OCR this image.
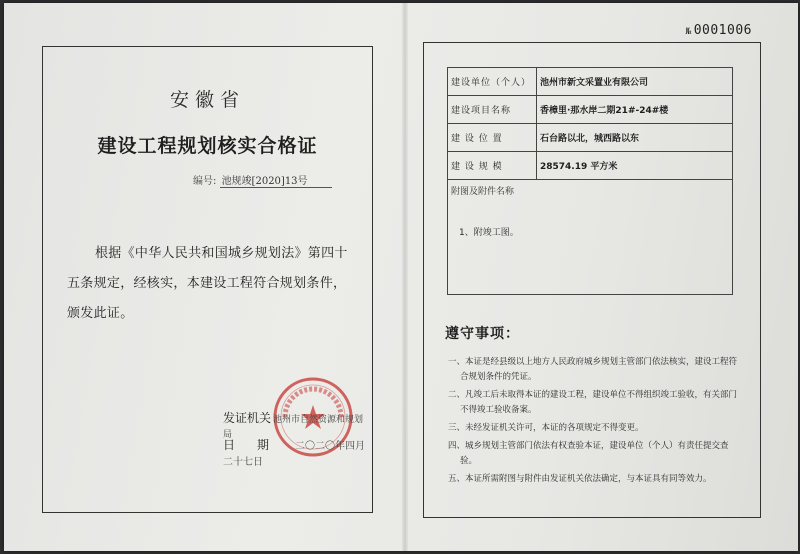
№ 0001006
安徽省
建设工程规划核实合格证
编号: 池规竣[2020]13号
根据《中华人民共和国城乡规划法》第四十五条规定，经核实，本建设工程符合规划条件，颁发此证。
发证机关 池州市自然资源和规划局
日期 二〇二〇年四月二十七日
建设单位（个人）	池州市新文采置业有限公司
建设项目名称	香樟里·那水岸二期21#-24#楼
建 设 位 置	石台路以北，城西路以东
建 设 规 模	28574.19 平方米

附图及附件名称
1、附竣工图。	
遵守事项：
一、本证是经县级以上地方人民政府城乡规划主管部门依法核实，建设工程符合规划条件的凭证。
二、凡竣工后未取得本证的建设工程，建设单位不得组织竣工验收，有关部门不得竣工验收备案。
三、未经发证机关许可，本证的各项规定不得变更。
四、城乡规划主管部门依法有权查验本证，建设单位（个人）有责任提交查验。
五、本证所需附图与附件由发证机关依法确定，与本证具有同等效力。
